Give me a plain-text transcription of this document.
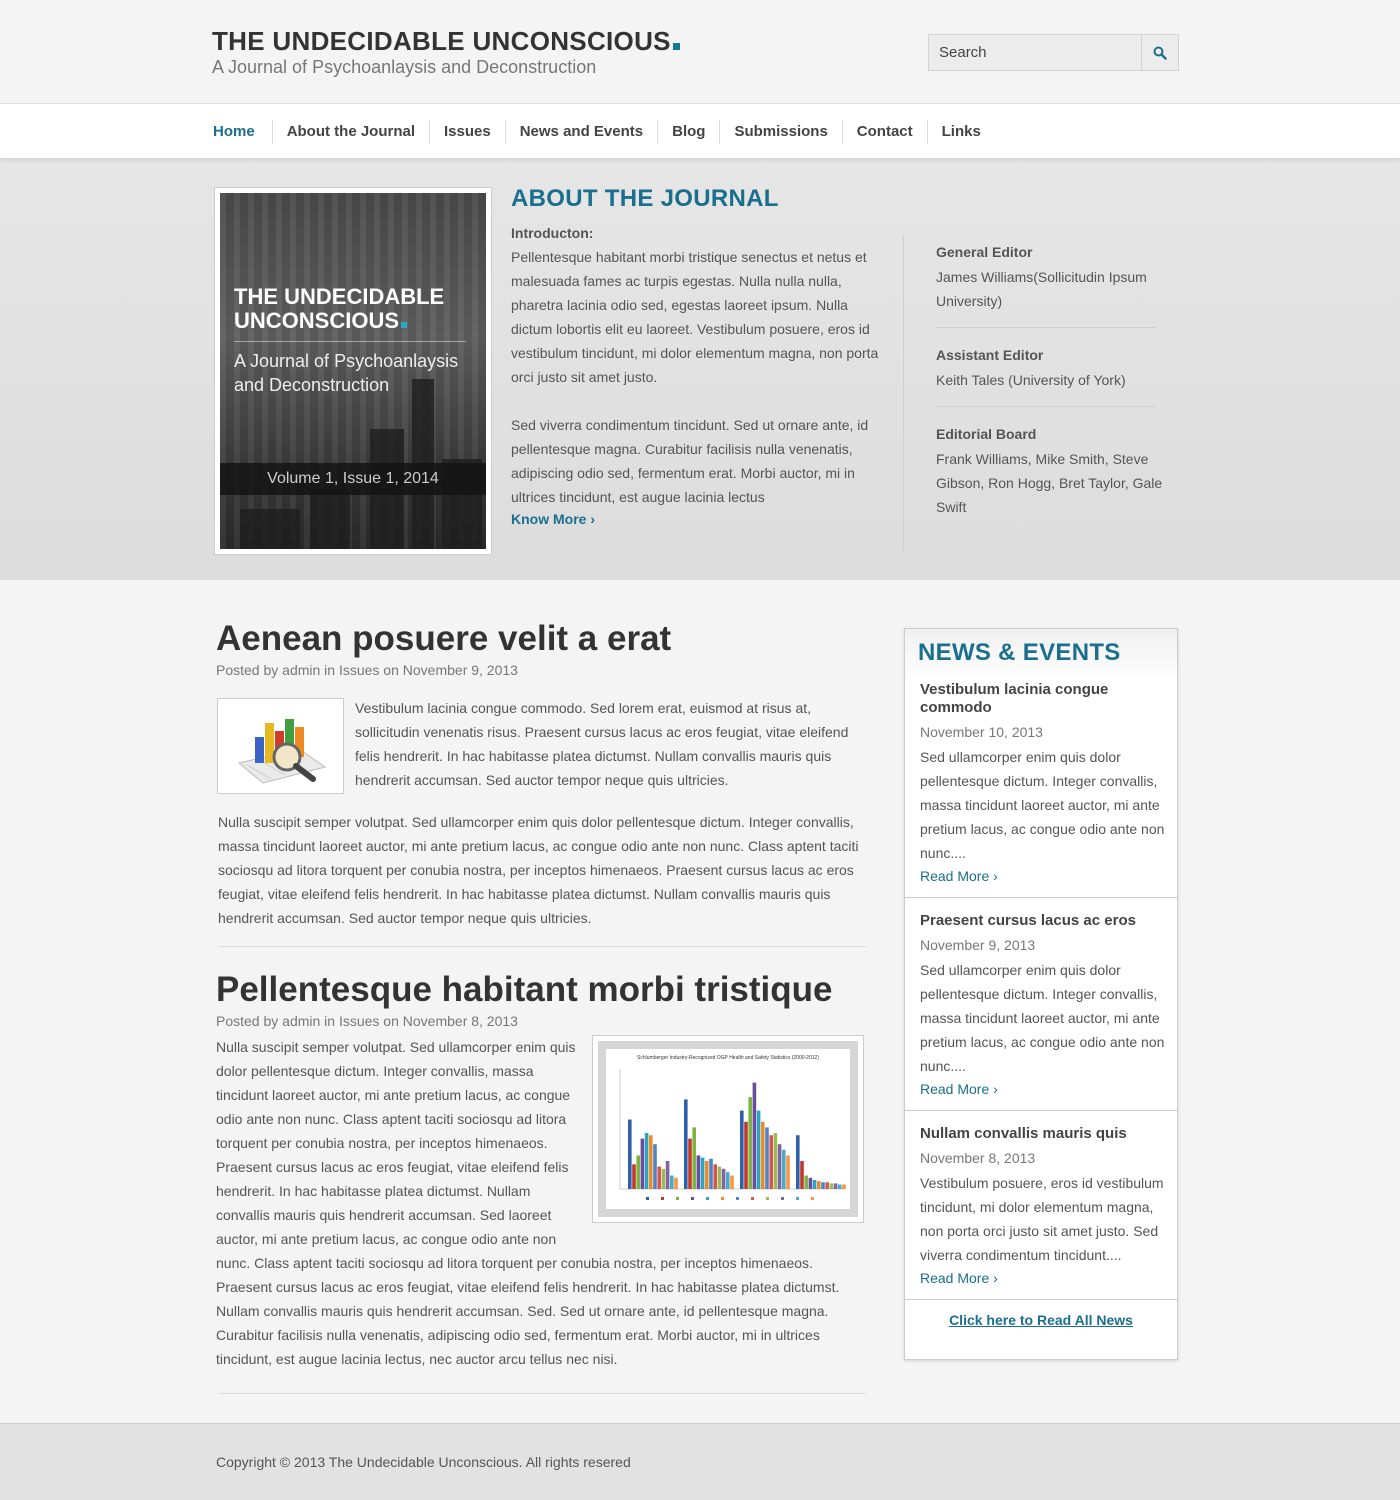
THE UNDECIDABLE UNCONSCIOUS
A Journal of Psychoanlaysis and Deconstruction
Search
Home	About the Journal	Issues	News and Events	Blog	Submissions	Contact	Links
THE UNDECIDABLE
UNCONSCIOUS
A Journal of Psychoanlaysis and Deconstruction
Volume 1, Issue 1, 2014
ABOUT THE JOURNAL
Introducton:

Pellentesque habitant morbi tristique senectus et netus et malesuada fames ac turpis egestas. Nulla nulla nulla, pharetra lacinia odio sed, egestas laoreet ipsum. Nulla dictum lobortis elit eu laoreet. Vestibulum posuere, eros id vestibulum tincidunt, mi dolor elementum magna, non porta orci justo sit amet justo.

Sed viverra condimentum tincidunt. Sed ut ornare ante, id pellentesque magna. Curabitur facilisis nulla venenatis, adipiscing odio sed, fermentum erat. Morbi auctor, mi in ultrices tincidunt, est augue lacinia lectus

Know More ›
General Editor
James Williams(Sollicitudin Ipsum University)
Assistant Editor
Keith Tales (University of York)
Editorial Board
Frank Williams, Mike Smith, Steve Gibson, Ron Hogg, Bret Taylor, Gale Swift
Aenean posuere velit a erat
Posted by admin in Issues on November 9, 2013

Vestibulum lacinia congue commodo. Sed lorem erat, euismod at risus at, sollicitudin venenatis risus. Praesent cursus lacus ac eros feugiat, vitae eleifend felis hendrerit. In hac habitasse platea dictumst. Nullam convallis mauris quis hendrerit accumsan. Sed auctor tempor neque quis ultricies.

Nulla suscipit semper volutpat. Sed ullamcorper enim quis dolor pellentesque dictum. Integer convallis, massa tincidunt laoreet auctor, mi ante pretium lacus, ac congue odio ante non nunc. Class aptent taciti sociosqu ad litora torquent per conubia nostra, per inceptos himenaeos. Praesent cursus lacus ac eros feugiat, vitae eleifend felis hendrerit. In hac habitasse platea dictumst. Nullam convallis mauris quis hendrerit accumsan. Sed auctor tempor neque quis ultricies.

Pellentesque habitant morbi tristique
Posted by admin in Issues on November 8, 2013
Schlumberger Industry-Recognized OGP Health and Safety Statistics (2000-2012)

Nulla suscipit semper volutpat. Sed ullamcorper enim quis dolor pellentesque dictum. Integer convallis, massa tincidunt laoreet auctor, mi ante pretium lacus, ac congue odio ante non nunc. Class aptent taciti sociosqu ad litora torquent per conubia nostra, per inceptos himenaeos. Praesent cursus lacus ac eros feugiat, vitae eleifend felis hendrerit. In hac habitasse platea dictumst. Nullam convallis mauris quis hendrerit accumsan. Sed laoreet auctor, mi ante pretium lacus, ac congue odio ante non nunc. Class aptent taciti sociosqu ad litora torquent per conubia nostra, per inceptos himenaeos. Praesent cursus lacus ac eros feugiat, vitae eleifend felis hendrerit. In hac habitasse platea dictumst. Nullam convallis mauris quis hendrerit accumsan. Sed. Sed ut ornare ante, id pellentesque magna. Curabitur facilisis nulla venenatis, adipiscing odio sed, fermentum erat. Morbi auctor, mi in ultrices tincidunt, est augue lacinia lectus, nec auctor arcu tellus nec nisi.

NEWS & EVENTS
Vestibulum lacinia congue commodo
November 10, 2013
Sed ullamcorper enim quis dolor pellentesque dictum. Integer convallis, massa tincidunt laoreet auctor, mi ante pretium lacus, ac congue odio ante non nunc....
Read More ›
Praesent cursus lacus ac eros
November 9, 2013
Sed ullamcorper enim quis dolor pellentesque dictum. Integer convallis, massa tincidunt laoreet auctor, mi ante pretium lacus, ac congue odio ante non nunc....
Read More ›
Nullam convallis mauris quis
November 8, 2013
Vestibulum posuere, eros id vestibulum tincidunt, mi dolor elementum magna, non porta orci justo sit amet justo. Sed viverra condimentum tincidunt....
Read More ›
Click here to Read All News
Copyright © 2013 The Undecidable Unconscious. All rights resered
